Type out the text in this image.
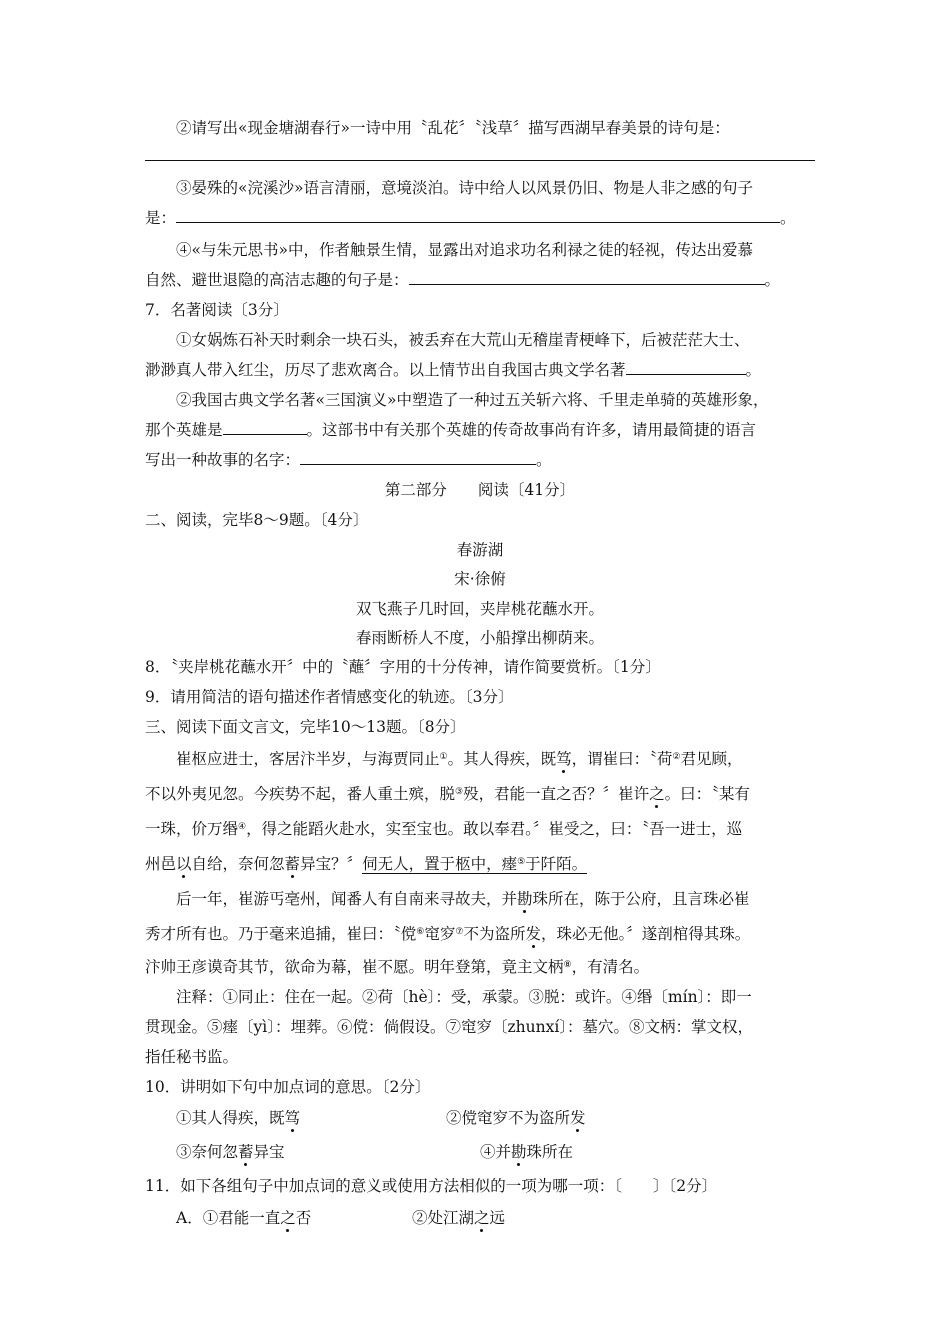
②请写出«现金塘湖春行»一诗中用〝乱花〞〝浅草〞描写西湖早春美景的诗句是：
③晏殊的«浣溪沙»语言清丽，意境淡泊。诗中给人以风景仍旧、物是人非之感的句子
是：	。
④«与朱元思书»中，作者触景生情，显露出对追求功名利禄之徒的轻视，传达出爱慕
自然、避世退隐的高洁志趣的句子是：	。
7．名著阅读〔3分〕
①女娲炼石补天时剩余一块石头，被丢弃在大荒山无稽崖青梗峰下，后被茫茫大士、
渺渺真人带入红尘，历尽了悲欢离合。以上情节出自我国古典文学名著	。
②我国古典文学名著«三国演义»中塑造了一种过五关斩六将、千里走单骑的英雄形象，
那个英雄是	。这部书中有关那个英雄的传奇故事尚有许多，请用最简捷的语言
写出一种故事的名字：	。
第二部分　　阅读〔41分〕
二、阅读，完毕8～9题。〔4分〕
春游湖
宋·徐俯
双飞燕子几时回，夹岸桃花蘸水开。
春雨断桥人不度，小船撑出柳荫来。
8．〝夹岸桃花蘸水开〞中的〝蘸〞字用的十分传神，请作简要赏析。〔1分〕
9．请用简洁的语句描述作者情感变化的轨迹。〔3分〕
三、阅读下面文言文，完毕10～13题。〔8分〕
崔枢应进士，客居汴半岁，与海贾同止①。其人得疾，既笃，谓崔曰：〝荷②君见顾，
不以外夷见忽。今疾势不起，番人重土殡，脱③殁，君能一直之否？〞崔许之。曰：〝某有
一珠，价万缗④，得之能蹈火赴水，实至宝也。敢以奉君。〞崔受之，曰：〝吾一进士，巡
州邑以自给，奈何忽蓄异宝？〞伺无人，置于柩中，瘗⑤于阡陌。
后一年，崔游丐亳州，闻番人有自南来寻故夫，并勘珠所在，陈于公府，且言珠必崔
秀才所有也。乃于毫来追捕，崔曰：〝傥⑥窀穸⑦不为盗所发，珠必无他。〞遂剖棺得其珠。
汴帅王彦谟奇其节，欲命为幕，崔不愿。明年登第，竟主文柄⑧，有清名。
注释：①同止：住在一起。②荷〔hè〕：受，承蒙。③脱：或许。④缗〔mín〕：即一
贯现金。⑤瘗〔yì〕：埋葬。⑥傥：倘假设。⑦窀穸〔zhunxí〕：墓穴。⑧文柄：掌文权，
指任秘书监。
10．讲明如下句中加点词的意思。〔2分〕
①其人得疾，既笃	②傥窀穸不为盗所发
③奈何忽蓄异宝	④并勘珠所在
11．如下各组句子中加点词的意义或使用方法相似的一项为哪一项：〔　　〕〔2分〕
A．①君能一直之否	②处江湖之远
